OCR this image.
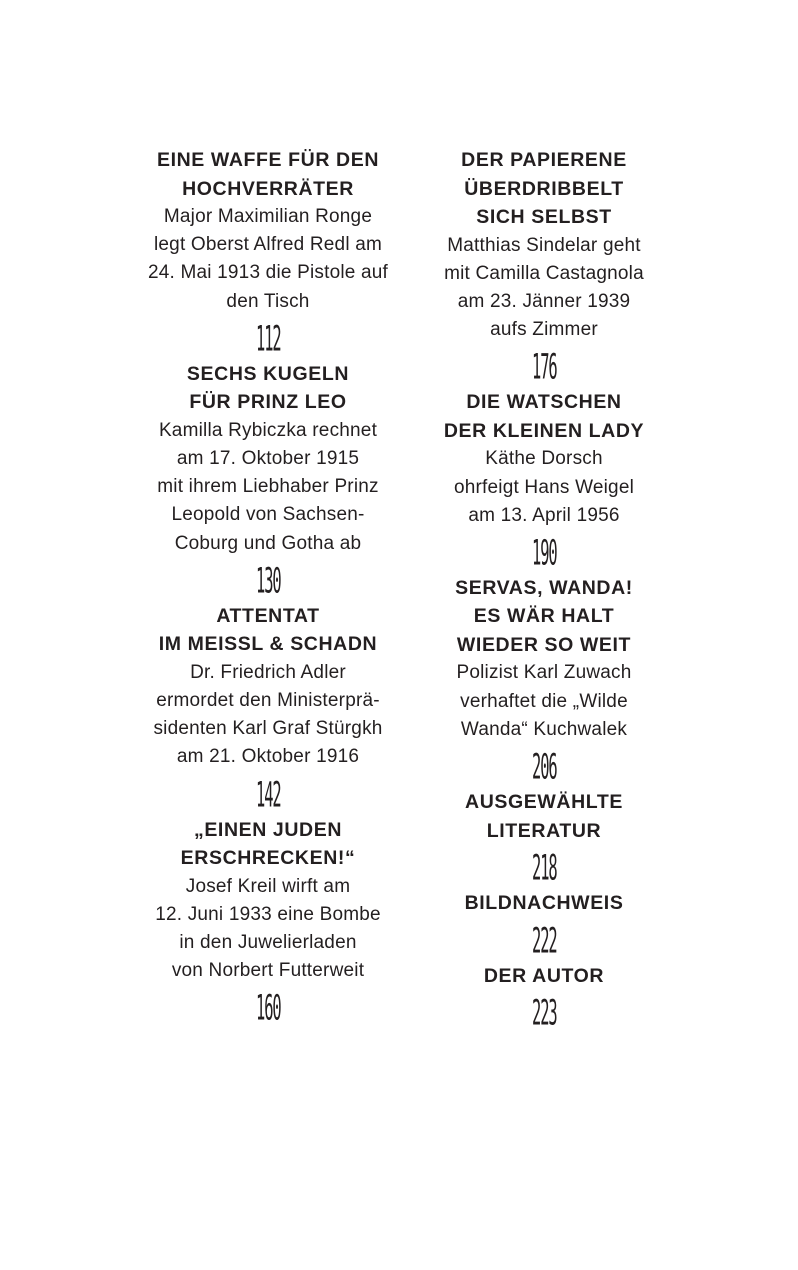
EINE WAFFE FÜR DEN
HOCHVERRÄTER
Major Maximilian Ronge
legt Oberst Alfred Redl am
24. Mai 1913 die Pistole auf
den Tisch
112
SECHS KUGELN
FÜR PRINZ LEO
Kamilla Rybiczka rechnet
am 17. Oktober 1915
mit ihrem Liebhaber Prinz
Leopold von Sachsen-
Coburg und Gotha ab
130
ATTENTAT
IM MEISSL & SCHADN
Dr. Friedrich Adler
ermordet den Ministerprä-
sidenten Karl Graf Stürgkh
am 21. Oktober 1916
142
„EINEN JUDEN
ERSCHRECKEN!“
Josef Kreil wirft am
12. Juni 1933 eine Bombe
in den Juwelierladen
von Norbert Futterweit
160
DER PAPIERENE
ÜBERDRIBBELT
SICH SELBST
Matthias Sindelar geht
mit Camilla Castagnola
am 23. Jänner 1939
aufs Zimmer
176
DIE WATSCHEN
DER KLEINEN LADY
Käthe Dorsch
ohrfeigt Hans Weigel
am 13. April 1956
190
SERVAS, WANDA!
ES WÄR HALT
WIEDER SO WEIT
Polizist Karl Zuwach
verhaftet die „Wilde
Wanda“ Kuchwalek
206
AUSGEWÄHLTE
LITERATUR
218
BILDNACHWEIS
222
DER AUTOR
223
